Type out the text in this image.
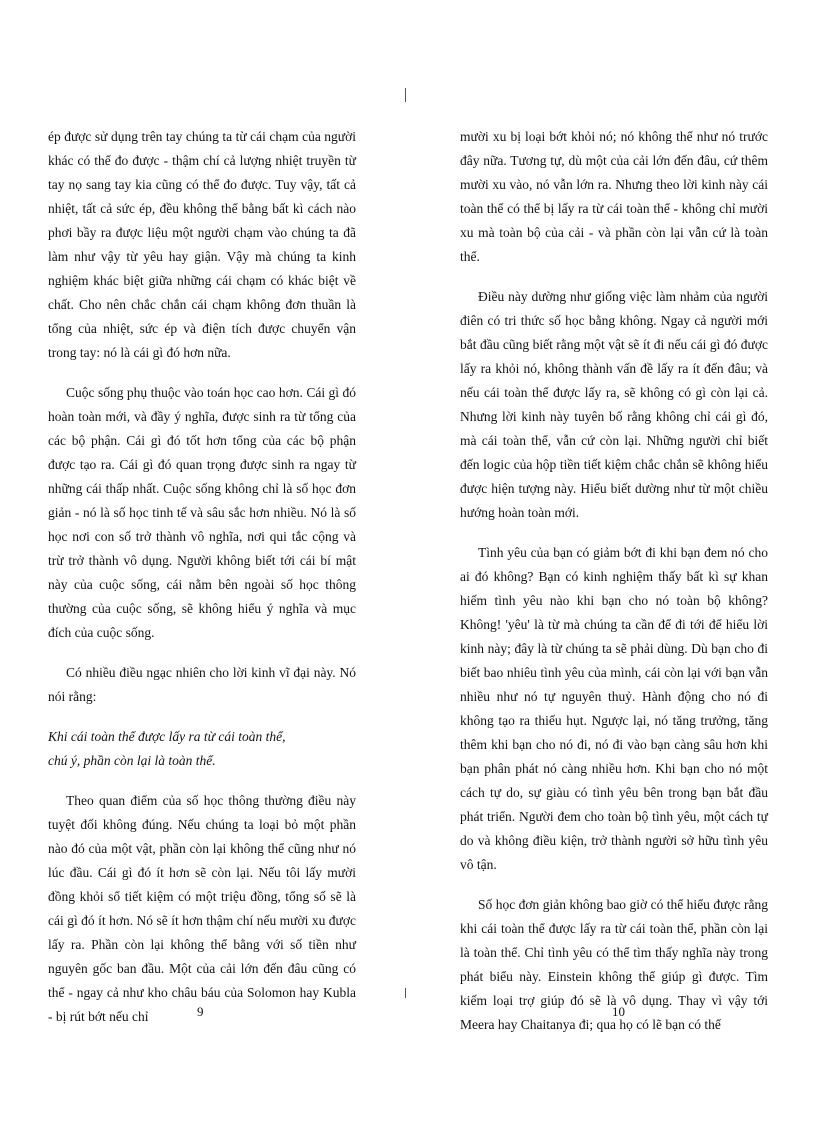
ép được sử dụng trên tay chúng ta từ cái chạm của người khác có thể đo được - thậm chí cả lượng nhiệt truyền từ tay nọ sang tay kia cũng có thể đo được. Tuy vậy, tất cả nhiệt, tất cả sức ép, đều không thể bằng bất kì cách nào phơi bầy ra được liệu một người chạm vào chúng ta đã làm như vậy từ yêu hay giận. Vậy mà chúng ta kinh nghiệm khác biệt giữa những cái chạm có khác biệt về chất. Cho nên chắc chắn cái chạm không đơn thuần là tổng của nhiệt, sức ép và điện tích được chuyển vận trong tay: nó là cái gì đó hơn nữa.

Cuộc sống phụ thuộc vào toán học cao hơn. Cái gì đó hoàn toàn mới, và đầy ý nghĩa, được sinh ra từ tổng của các bộ phận. Cái gì đó tốt hơn tổng của các bộ phận được tạo ra. Cái gì đó quan trọng được sinh ra ngay từ những cái thấp nhất. Cuộc sống không chỉ là số học đơn giản - nó là số học tinh tế và sâu sắc hơn nhiều. Nó là số học nơi con số trở thành vô nghĩa, nơi qui tắc cộng và trừ trở thành vô dụng. Người không biết tới cái bí mật này của cuộc sống, cái nằm bên ngoài số học thông thường của cuộc sống, sẽ không hiểu ý nghĩa và mục đích của cuộc sống.

Có nhiều điều ngạc nhiên cho lời kinh vĩ đại này. Nó nói rằng:

Khi cái toàn thể được lấy ra từ cái toàn thể,
chú ý, phần còn lại là toàn thể.

Theo quan điểm của số học thông thường điều này tuyệt đối không đúng. Nếu chúng ta loại bỏ một phần nào đó của một vật, phần còn lại không thể cũng như nó lúc đầu. Cái gì đó ít hơn sẽ còn lại. Nếu tôi lấy mười đồng khỏi sổ tiết kiệm có một triệu đồng, tổng số sẽ là cái gì đó ít hơn. Nó sẽ ít hơn thậm chí nếu mười xu được lấy ra. Phần còn lại không thể bằng với số tiền như nguyên gốc ban đầu. Một của cải lớn đến đâu cũng có thể - ngay cả như kho châu báu của Solomon hay Kubla - bị rút bớt nếu chỉ

mười xu bị loại bớt khỏi nó; nó không thể như nó trước đây nữa. Tương tự, dù một của cải lớn đến đâu, cứ thêm mười xu vào, nó vẫn lớn ra. Nhưng theo lời kinh này cái toàn thể có thể bị lấy ra từ cái toàn thể - không chỉ mười xu mà toàn bộ của cải - và phần còn lại vẫn cứ là toàn thể.

Điều này dường như giống việc làm nhảm của người điên có tri thức số học bằng không. Ngay cả người mới bắt đầu cũng biết rằng một vật sẽ ít đi nếu cái gì đó được lấy ra khỏi nó, không thành vấn đề lấy ra ít đến đâu; và nếu cái toàn thể được lấy ra, sẽ không có gì còn lại cả. Nhưng lời kinh này tuyên bố rằng không chỉ cái gì đó, mà cái toàn thể, vẫn cứ còn lại. Những người chỉ biết đến logic của hộp tiền tiết kiệm chắc chắn sẽ không hiểu được hiện tượng này. Hiểu biết dường như từ một chiều hướng hoàn toàn mới.

Tình yêu của bạn có giảm bớt đi khi bạn đem nó cho ai đó không? Bạn có kinh nghiệm thấy bất kì sự khan hiếm tình yêu nào khi bạn cho nó toàn bộ không? Không! 'yêu' là từ mà chúng ta cần để đi tới để hiểu lời kinh này; đây là từ chúng ta sẽ phải dùng. Dù bạn cho đi biết bao nhiêu tình yêu của mình, cái còn lại với bạn vẫn nhiều như nó tự nguyên thuỷ. Hành động cho nó đi không tạo ra thiếu hụt. Ngược lại, nó tăng trưởng, tăng thêm khi bạn cho nó đi, nó đi vào bạn càng sâu hơn khi bạn phân phát nó càng nhiều hơn. Khi bạn cho nó một cách tự do, sự giàu có tình yêu bên trong bạn bắt đầu phát triển. Người đem cho toàn bộ tình yêu, một cách tự do và không điều kiện, trở thành người sở hữu tình yêu vô tận.

Số học đơn giản không bao giờ có thể hiểu được rằng khi cái toàn thể được lấy ra từ cái toàn thể, phần còn lại là toàn thể. Chỉ tình yêu có thể tìm thấy nghĩa này trong phát biểu này. Einstein không thể giúp gì được. Tìm kiếm loại trợ giúp đó sẽ là vô dụng. Thay vì vậy tới Meera hay Chaitanya đi; qua họ có lẽ bạn có thể

9	10
